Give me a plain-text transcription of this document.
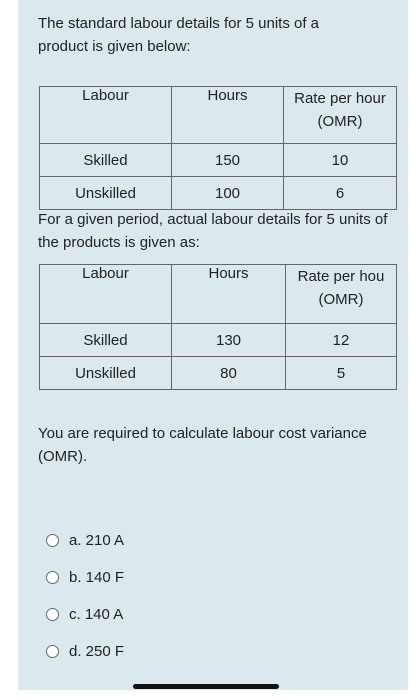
The standard labour details for 5 units of a product is given below:

Labour	Hours	Rate per hour
(OMR)

Skilled	150	10
Unskilled	100	6

For a given period, actual labour details for 5 units of the products is given as:

Labour	Hours	Rate per hou
(OMR)

Skilled	130	12
Unskilled	80	5

You are required to calculate labour cost variance (OMR).

a. 210 A
b. 140 F
c. 140 A
d. 250 F
